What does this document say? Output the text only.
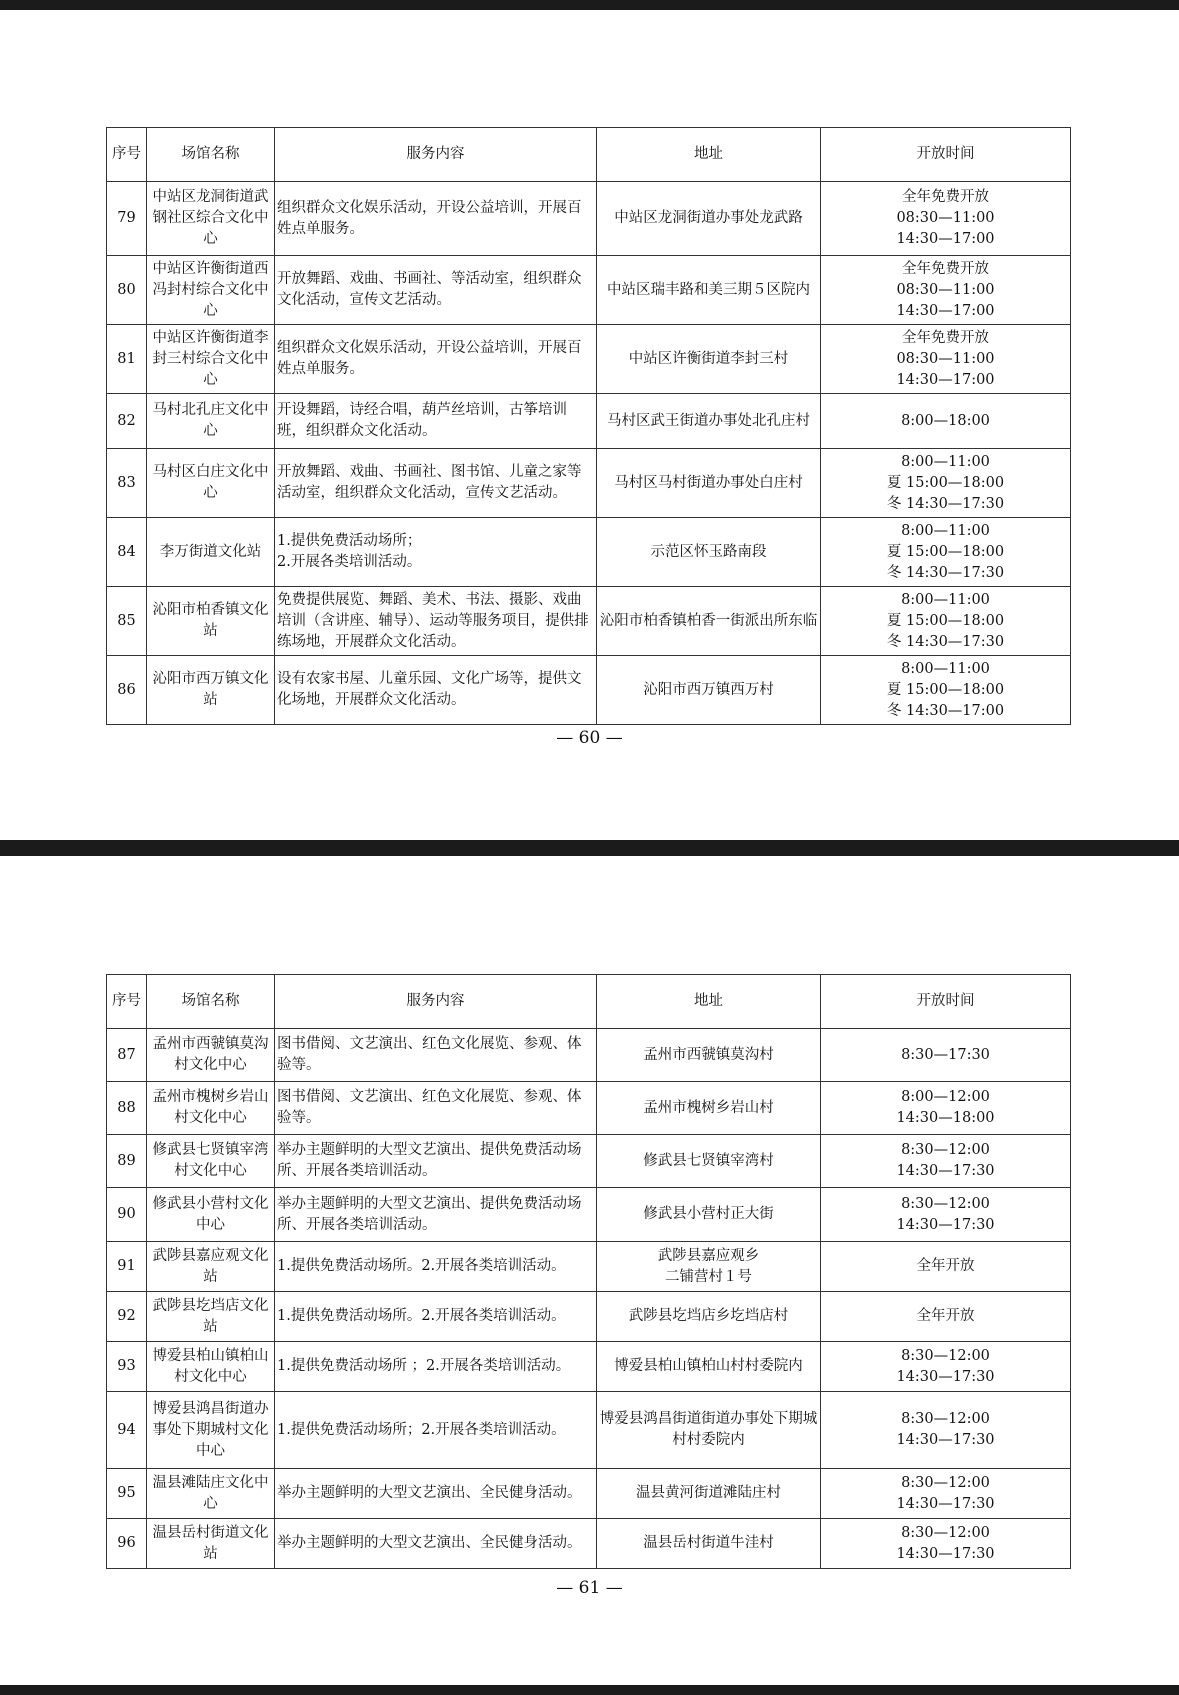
序号	场馆名称	服务内容	地址	开放时间
79	中站区龙洞街道武钢社区综合文化中心	组织群众文化娱乐活动，开设公益培训，开展百姓点单服务。	中站区龙洞街道办事处龙武路	全年免费开放
08:30—11:00
14:30—17:00
80	中站区许衡街道西冯封村综合文化中心	开放舞蹈、戏曲、书画社、等活动室，组织群众文化活动，宣传文艺活动。	中站区瑞丰路和美三期５区院内	全年免费开放
08:30—11:00
14:30—17:00
81	中站区许衡街道李封三村综合文化中心	组织群众文化娱乐活动，开设公益培训，开展百姓点单服务。	中站区许衡街道李封三村	全年免费开放
08:30—11:00
14:30—17:00
82	马村北孔庄文化中心	开设舞蹈，诗经合唱，葫芦丝培训，古筝培训班，组织群众文化活动。	马村区武王街道办事处北孔庄村	8:00—18:00
83	马村区白庄文化中心	开放舞蹈、戏曲、书画社、图书馆、儿童之家等活动室，组织群众文化活动，宣传文艺活动。	马村区马村街道办事处白庄村	8:00—11:00
夏 15:00—18:00
冬 14:30—17:30
84	李万街道文化站	1.提供免费活动场所；
2.开展各类培训活动。	示范区怀玉路南段	8:00—11:00
夏 15:00—18:00
冬 14:30—17:30
85	沁阳市柏香镇文化站	免费提供展览、舞蹈、美术、书法、摄影、戏曲培训（含讲座、辅导）、运动等服务项目，提供排练场地，开展群众文化活动。	沁阳市柏香镇柏香一街派出所东临	8:00—11:00
夏 15:00—18:00
冬 14:30—17:30
86	沁阳市西万镇文化站	设有农家书屋、儿童乐园、文化广场等，提供文化场地，开展群众文化活动。	沁阳市西万镇西万村	8:00—11:00
夏 15:00—18:00
冬 14:30—17:00
— 60 —
序号	场馆名称	服务内容	地址	开放时间
87	孟州市西虢镇莫沟村文化中心	图书借阅、文艺演出、红色文化展览、参观、体验等。	孟州市西虢镇莫沟村	8:30—17:30
88	孟州市槐树乡岩山村文化中心	图书借阅、文艺演出、红色文化展览、参观、体验等。	孟州市槐树乡岩山村	8:00—12:00
14:30—18:00
89	修武县七贤镇宰湾村文化中心	举办主题鲜明的大型文艺演出、提供免费活动场所、开展各类培训活动。	修武县七贤镇宰湾村	8:30—12:00
14:30—17:30
90	修武县小营村文化中心	举办主题鲜明的大型文艺演出、提供免费活动场所、开展各类培训活动。	修武县小营村正大街	8:30—12:00
14:30—17:30
91	武陟县嘉应观文化站	1.提供免费活动场所。2.开展各类培训活动。	武陟县嘉应观乡
二铺营村１号	全年开放
92	武陟县圪垱店文化站	1.提供免费活动场所。2.开展各类培训活动。	武陟县圪垱店乡圪垱店村	全年开放
93	博爱县柏山镇柏山村文化中心	1.提供免费活动场所 ；2.开展各类培训活动。	博爱县柏山镇柏山村村委院内	8:30—12:00
14:30—17:30
94	博爱县鸿昌街道办事处下期城村文化中心	1.提供免费活动场所；2.开展各类培训活动。	博爱县鸿昌街道街道办事处下期城村村委院内	8:30—12:00
14:30—17:30
95	温县滩陆庄文化中心	举办主题鲜明的大型文艺演出、全民健身活动。	温县黄河街道滩陆庄村	8:30—12:00
14:30—17:30
96	温县岳村街道文化站	举办主题鲜明的大型文艺演出、全民健身活动。	温县岳村街道牛洼村	8:30—12:00
14:30—17:30
— 61 —
